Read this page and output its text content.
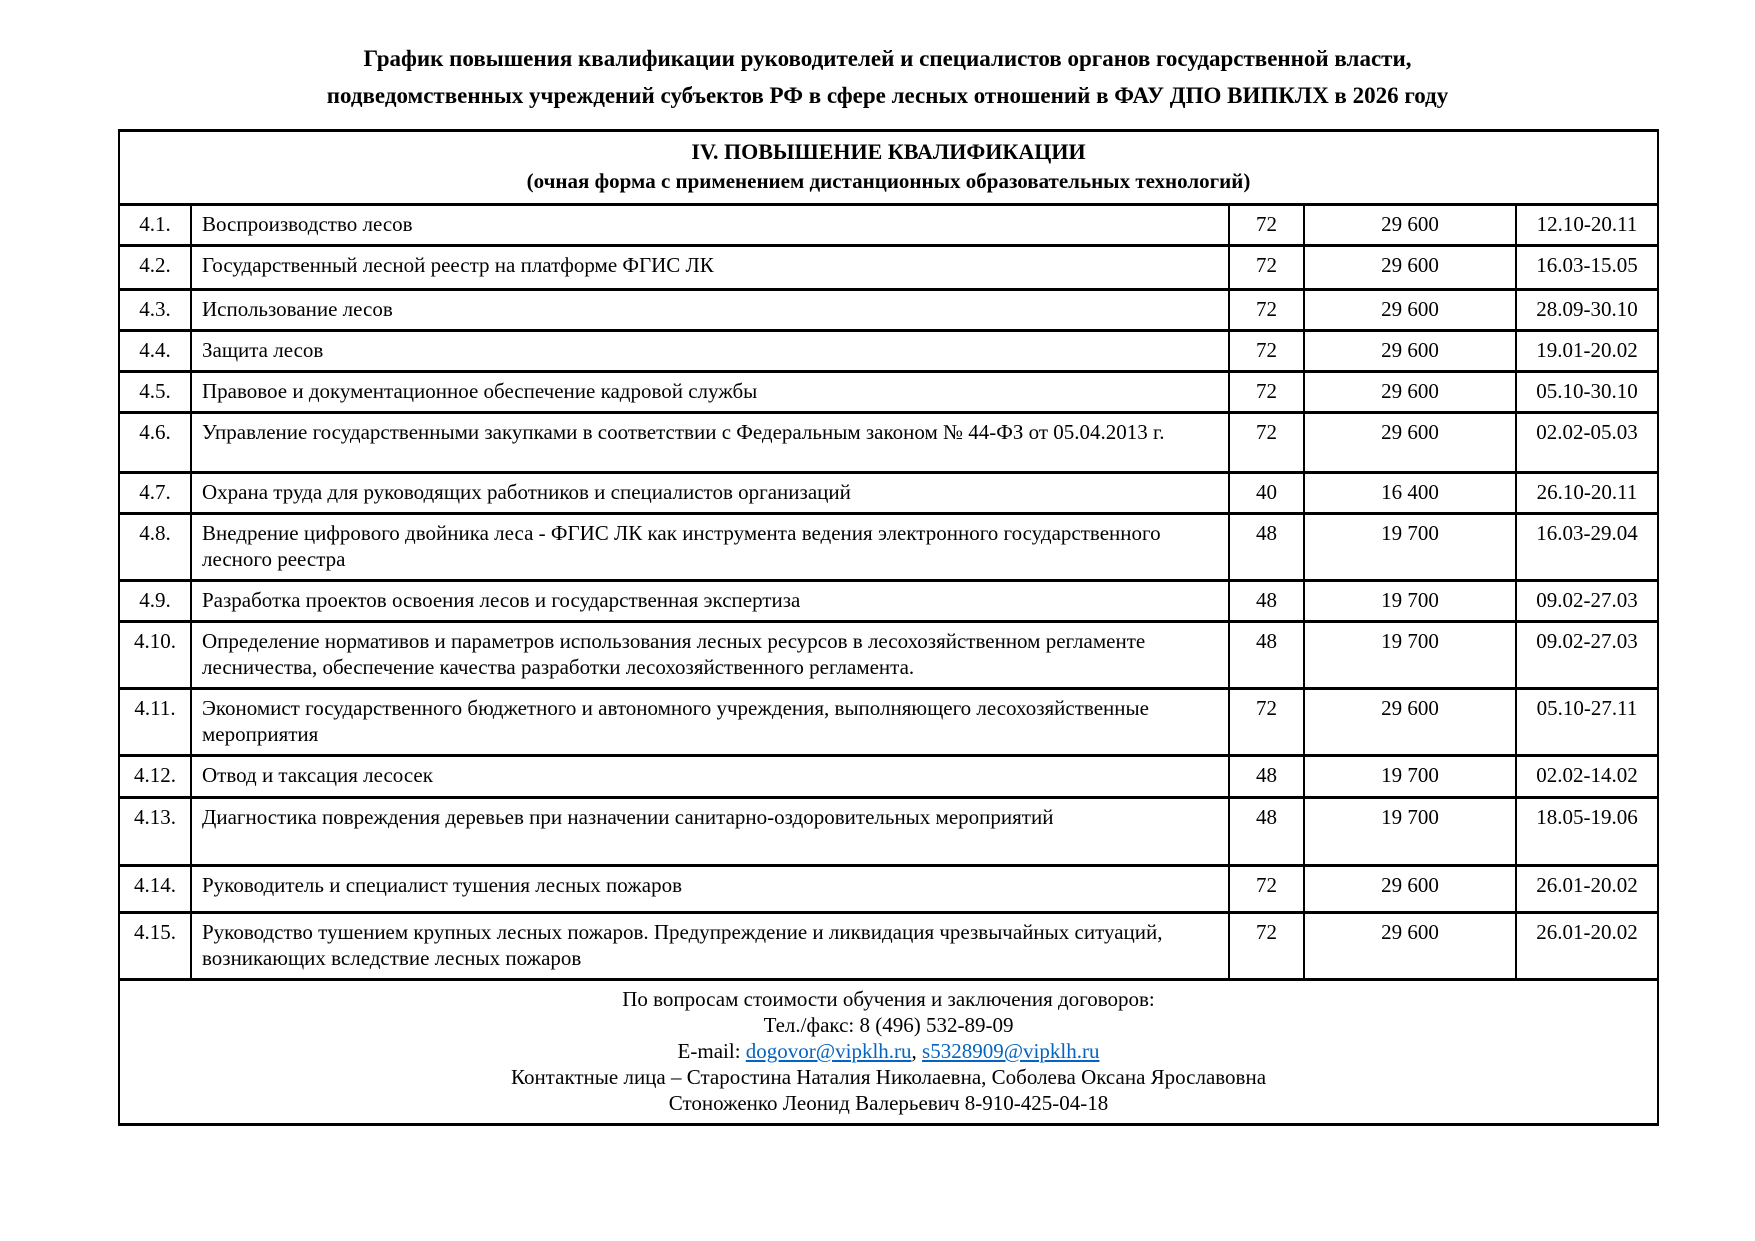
График повышения квалификации руководителей и специалистов органов государственной власти,
подведомственных учреждений субъектов РФ в сфере лесных отношений в ФАУ ДПО ВИПКЛХ в 2026 году
IV. ПОВЫШЕНИЕ КВАЛИФИКАЦИИ
(очная форма с применением дистанционных образовательных технологий)				

4.1.	Воспроизводство лесов	72	29 600	12.10-20.11
4.2.	Государственный лесной реестр на платформе ФГИС ЛК	72	29 600	16.03-15.05
4.3.	Использование лесов	72	29 600	28.09-30.10
4.4.	Защита лесов	72	29 600	19.01-20.02
4.5.	Правовое и документационное обеспечение кадровой службы	72	29 600	05.10-30.10
4.6.	Управление государственными закупками в соответствии с Федеральным законом № 44-ФЗ от 05.04.2013 г.	72	29 600	02.02-05.03
4.7.	Охрана труда для руководящих работников и специалистов организаций	40	16 400	26.10-20.11
4.8.	Внедрение цифрового двойника леса - ФГИС ЛК как инструмента ведения электронного государственного лесного реестра	48	19 700	16.03-29.04
4.9.	Разработка проектов освоения лесов и государственная экспертиза	48	19 700	09.02-27.03
4.10.	Определение нормативов и параметров использования лесных ресурсов в лесохозяйственном регламенте лесничества, обеспечение качества разработки лесохозяйственного регламента.	48	19 700	09.02-27.03
4.11.	Экономист государственного бюджетного и автономного учреждения, выполняющего лесохозяйственные мероприятия	72	29 600	05.10-27.11
4.12.	Отвод и таксация лесосек	48	19 700	02.02-14.02
4.13.	Диагностика повреждения деревьев при назначении санитарно-оздоровительных мероприятий	48	19 700	18.05-19.06
4.14.	Руководитель и специалист тушения лесных пожаров	72	29 600	26.01-20.02
4.15.	Руководство тушением крупных лесных пожаров. Предупреждение и ликвидация чрезвычайных ситуаций, возникающих вследствие лесных пожаров	72	29 600	26.01-20.02

По вопросам стоимости обучения и заключения договоров:
Тел./факс: 8 (496) 532-89-09
E-mail: dogovor@vipklh.ru, s5328909@vipklh.ru
Контактные лица – Старостина Наталия Николаевна, Соболева Оксана Ярославовна
Стоноженко Леонид Валерьевич 8-910-425-04-18				
